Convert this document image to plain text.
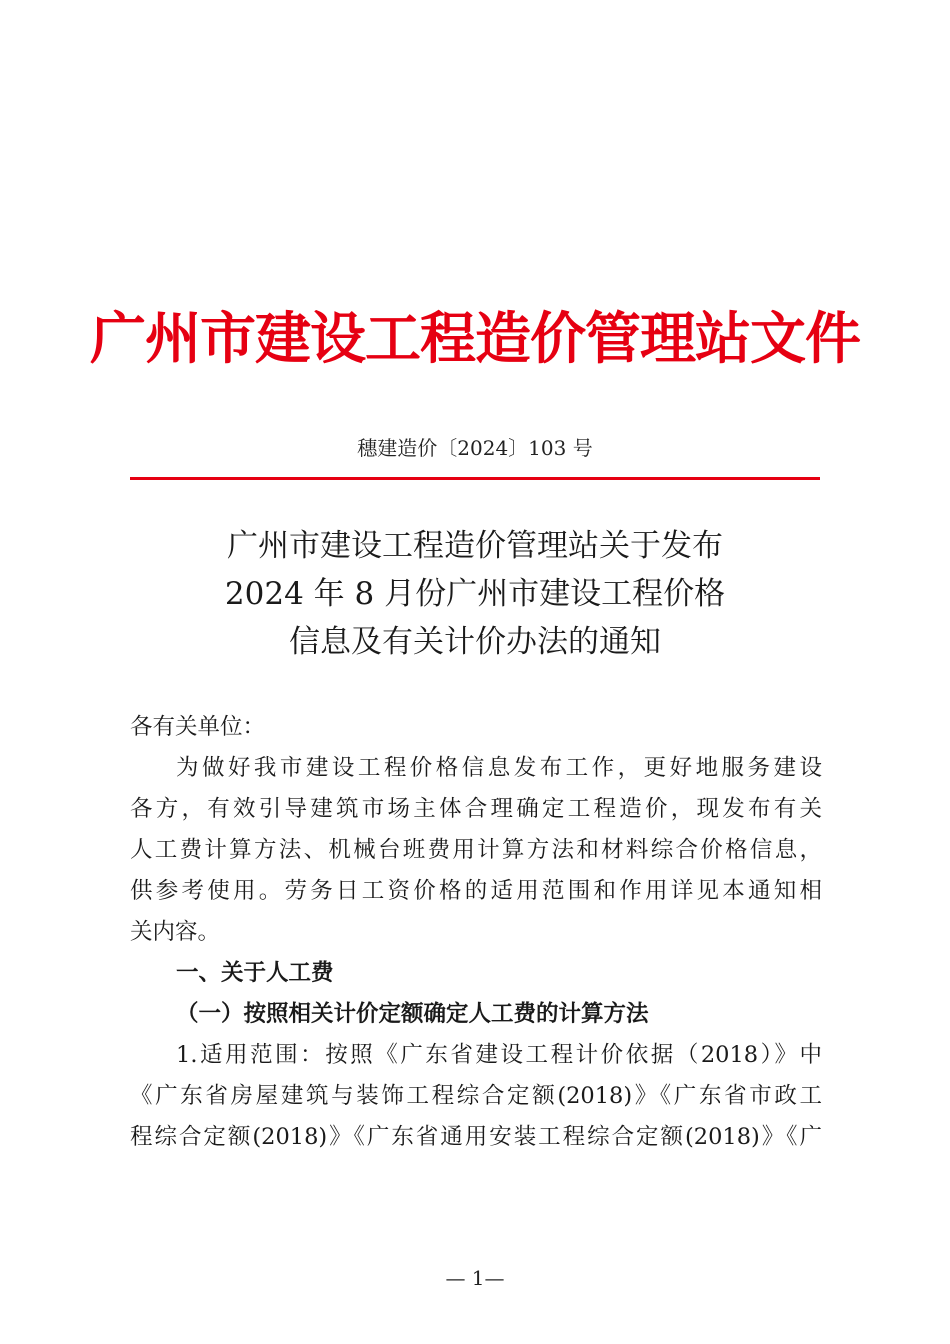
广州市建设工程造价管理站文件
穗建造价〔2024〕103 号
广州市建设工程造价管理站关于发布
2024 年 8 月份广州市建设工程价格
信息及有关计价办法的通知
各有关单位：
为做好我市建设工程价格信息发布工作，更好地服务建设
各方，有效引导建筑市场主体合理确定工程造价，现发布有关
人工费计算方法、机械台班费用计算方法和材料综合价格信息，
供参考使用。劳务日工资价格的适用范围和作用详见本通知相
关内容。
一、关于人工费
（一）按照相关计价定额确定人工费的计算方法
1.适用范围：按照《广东省建设工程计价依据（2018）》中
《广东省房屋建筑与装饰工程综合定额(2018)》《广东省市政工
程综合定额(2018)》《广东省通用安装工程综合定额(2018)》《广
— 1—
